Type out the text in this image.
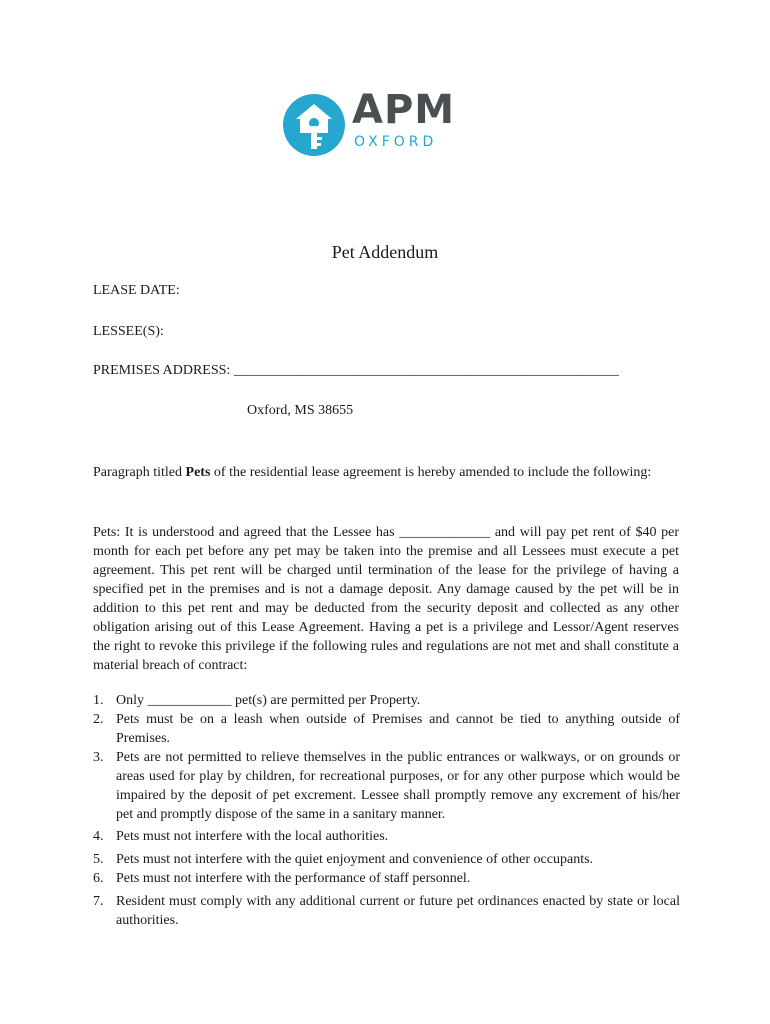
APM
OXFORD
Pet Addendum
LEASE DATE:
LESSEE(S):
PREMISES ADDRESS: _______________________________________________________
Oxford, MS 38655
Paragraph titled Pets of the residential lease agreement is hereby amended to include the following:
Pets: It is understood and agreed that the Lessee has _____________ and will pay pet rent of $40 per month for each pet before any pet may be taken into the premise and all Lessees must execute a pet agreement. This pet rent will be charged until termination of the lease for the privilege of having a specified pet in the premises and is not a damage deposit. Any damage caused by the pet will be in addition to this pet rent and may be deducted from the security deposit and collected as any other obligation arising out of this Lease Agreement. Having a pet is a privilege and Lessor/Agent reserves the right to revoke this privilege if the following rules and regulations are not met and shall constitute a material breach of contract:
1. Only ____________ pet(s) are permitted per Property.
2. Pets must be on a leash when outside of Premises and cannot be tied to anything outside of Premises.
3. Pets are not permitted to relieve themselves in the public entrances or walkways, or on grounds or areas used for play by children, for recreational purposes, or for any other purpose which would be impaired by the deposit of pet excrement. Lessee shall promptly remove any excrement of his/her pet and promptly dispose of the same in a sanitary manner.
4. Pets must not interfere with the local authorities.
5. Pets must not interfere with the quiet enjoyment and convenience of other occupants.
6. Pets must not interfere with the performance of staff personnel.
7. Resident must comply with any additional current or future pet ordinances enacted by state or local authorities.
